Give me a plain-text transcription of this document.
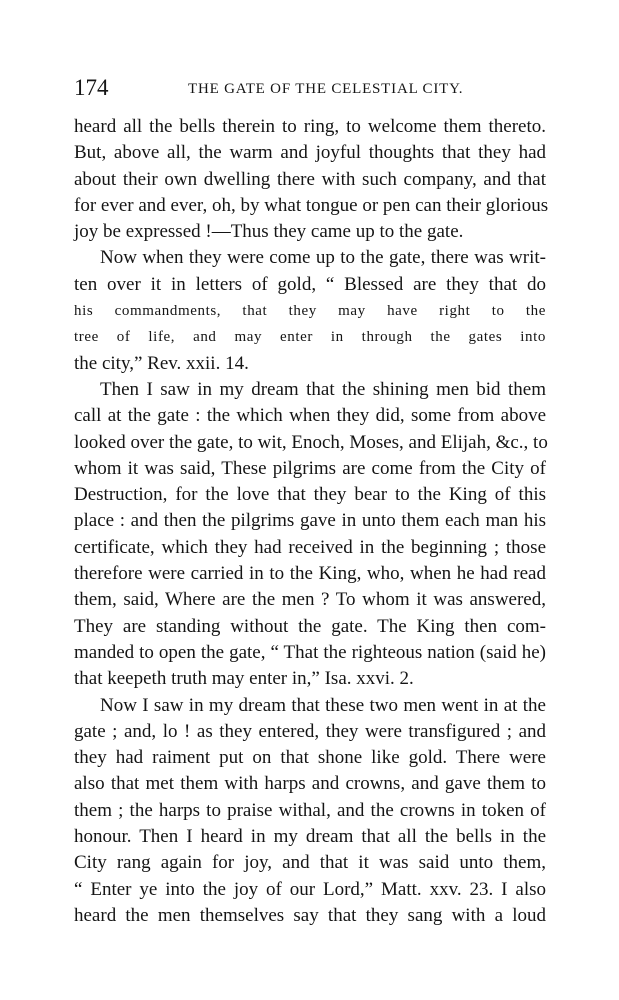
174	THE GATE OF THE CELESTIAL CITY.
heard all the bells therein to ring, to welcome them thereto.
But, above all, the warm and joyful thoughts that they had
about their own dwelling there with such company, and that
for ever and ever, oh, by what tongue or pen can their glorious
joy be expressed !—Thus they came up to the gate.
Now when they were come up to the gate, there was writ-
ten over it in letters of gold, “ Blessed are they that do
his commandments, that they may have right to the
tree of life, and may enter in through the gates into
the city,” Rev. xxii. 14.
Then I saw in my dream that the shining men bid them
call at the gate : the which when they did, some from above
looked over the gate, to wit, Enoch, Moses, and Elijah, &c., to
whom it was said, These pilgrims are come from the City of
Destruction, for the love that they bear to the King of this
place : and then the pilgrims gave in unto them each man his
certificate, which they had received in the beginning ; those
therefore were carried in to the King, who, when he had read
them, said, Where are the men ? To whom it was answered,
They are standing without the gate. The King then com-
manded to open the gate, “ That the righteous nation (said he)
that keepeth truth may enter in,” Isa. xxvi. 2.
Now I saw in my dream that these two men went in at the
gate ; and, lo ! as they entered, they were transfigured ; and
they had raiment put on that shone like gold. There were
also that met them with harps and crowns, and gave them to
them ; the harps to praise withal, and the crowns in token of
honour. Then I heard in my dream that all the bells in the
City rang again for joy, and that it was said unto them,
“ Enter ye into the joy of our Lord,” Matt. xxv. 23. I also
heard the men themselves say that they sang with a loud
